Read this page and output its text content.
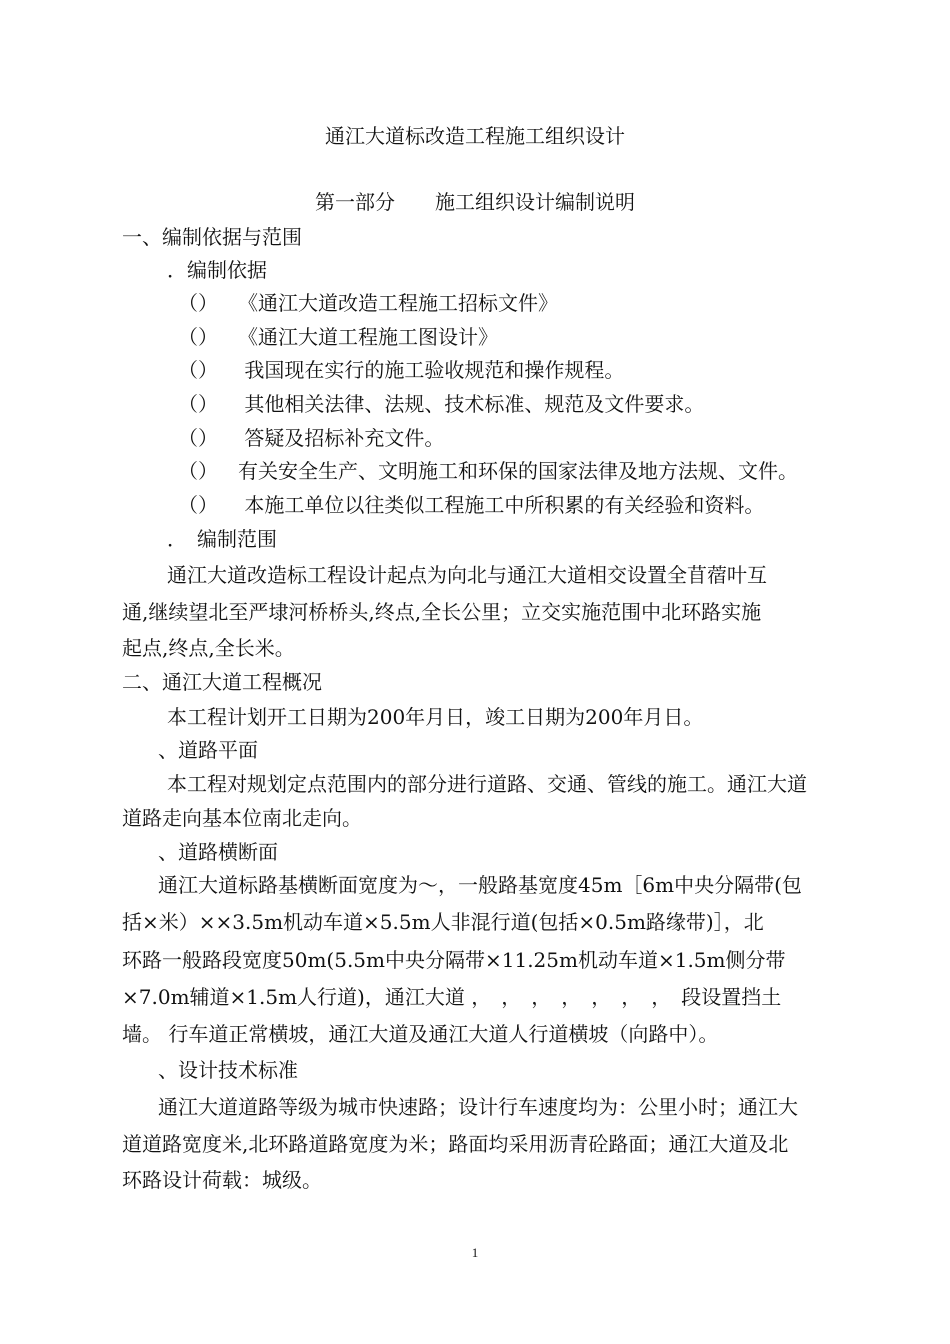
通江大道标改造工程施工组织设计
第一部分　　施工组织设计编制说明
一、编制依据与范围
．编制依据
（） 《通江大道改造工程施工招标文件》
（） 《通江大道工程施工图设计》
（） 我国现在实行的施工验收规范和操作规程。
（） 其他相关法律、法规、技术标准、规范及文件要求。
（） 答疑及招标补充文件。
（） 有关安全生产、文明施工和环保的国家法律及地方法规、文件。
（） 本施工单位以往类似工程施工中所积累的有关经验和资料。
．　编制范围
通江大道改造标工程设计起点为向北与通江大道相交设置全苜蓿叶互
通,继续望北至严埭河桥桥头,终点,全长公里；立交实施范围中北环路实施
起点,终点,全长米。
二、通江大道工程概况
本工程计划开工日期为200年月日，竣工日期为200年月日。
、道路平面
本工程对规划定点范围内的部分进行道路、交通、管线的施工。通江大道
道路走向基本位南北走向。
、道路横断面
通江大道标路基横断面宽度为～，一般路基宽度45m［6m中央分隔带(包
括×米）××3.5m机动车道×5.5m人非混行道(包括×0.5m路缘带)］，北
环路一般路段宽度50m(5.5m中央分隔带×11.25m机动车道×1.5m侧分带
×7.0m辅道×1.5m人行道)，通江大道 ，　，　，　，　，　，　，　段设置挡土
墙。 行车道正常横坡，通江大道及通江大道人行道横坡（向路中）。
、设计技术标准
通江大道道路等级为城市快速路；设计行车速度均为：公里小时；通江大
道道路宽度米,北环路道路宽度为米；路面均采用沥青砼路面；通江大道及北
环路设计荷载：城级。
1
